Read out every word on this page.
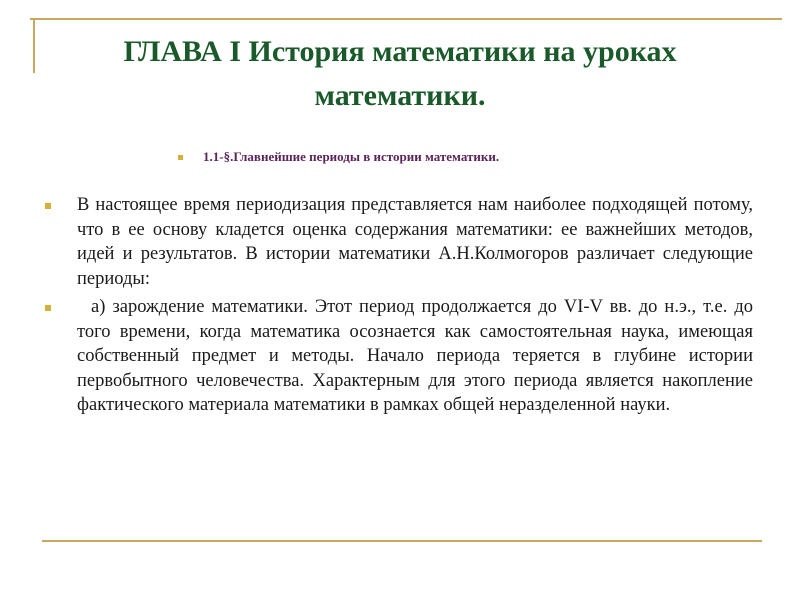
ГЛАВА I История математики на уроках
математики.
1.1-§.Главнейшие периоды в истории математики.
В настоящее время периодизация представляется нам наиболее подходящей потому, что в ее основу кладется оценка содержания математики: ее важнейших методов, идей и результатов. В истории математики А.Н.Колмогоров различает следующие периоды:
а) зарождение математики. Этот период продолжается до VI-V вв. до н.э., т.е. до того времени, когда математика осознается как самостоятельная наука, имеющая собственный предмет и методы. Начало периода теряется в глубине истории первобытного человечества. Характерным для этого периода является накопление фактического материала математики в рамках общей неразделенной науки.
